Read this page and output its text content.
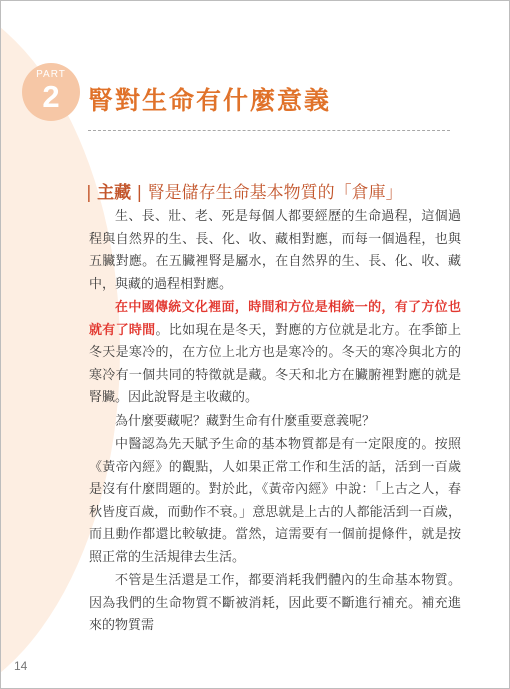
PART
2	腎對生命有什麼意義
| 主藏 | 腎是儲存生命基本物質的「倉庫」

生、長、壯、老、死是每個人都要經歷的生命過程，這個過程與自然界的生、長、化、收、藏相對應，而每一個過程，也與五臟對應。在五臟裡腎是屬水，在自然界的生、長、化、收、藏中，與藏的過程相對應。

在中國傳統文化裡面，時間和方位是相統一的，有了方位也就有了時間。比如現在是冬天，對應的方位就是北方。在季節上冬天是寒冷的，在方位上北方也是寒冷的。冬天的寒冷與北方的寒冷有一個共同的特徵就是藏。冬天和北方在臟腑裡對應的就是腎臟。因此說腎是主收藏的。

為什麼要藏呢？藏對生命有什麼重要意義呢？

中醫認為先天賦予生命的基本物質都是有一定限度的。按照《黃帝內經》的觀點，人如果正常工作和生活的話，活到一百歲是沒有什麼問題的。對於此，《黃帝內經》中說：「上古之人，春秋皆度百歲，而動作不衰。」意思就是上古的人都能活到一百歲，而且動作都還比較敏捷。當然，這需要有一個前提條件，就是按照正常的生活規律去生活。

不管是生活還是工作，都要消耗我們體內的生命基本物質。因為我們的生命物質不斷被消耗，因此要不斷進行補充。補充進來的物質需

14
